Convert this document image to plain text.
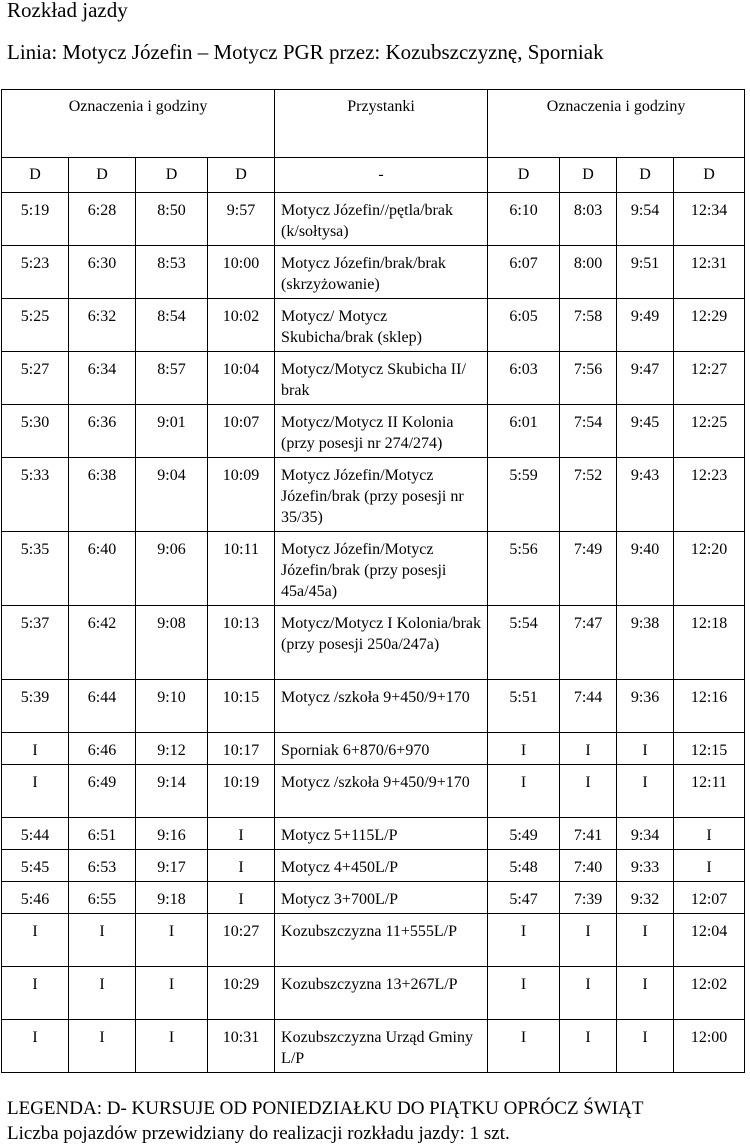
Rozkład jazdy
Linia: Motycz Józefin – Motycz PGR przez: Kozubszczyznę, Sporniak
Oznaczenia i godziny				Przystanki	Oznaczenia i godziny			
D	D	D	D	-	D	D	D	D
5:19	6:28	8:50	9:57	Motycz Józefin//pętla/brak (k/sołtysa)	6:10	8:03	9:54	12:34
5:23	6:30	8:53	10:00	Motycz Józefin/brak/brak (skrzyżowanie)	6:07	8:00	9:51	12:31
5:25	6:32	8:54	10:02	Motycz/ Motycz Skubicha/brak (sklep)	6:05	7:58	9:49	12:29
5:27	6:34	8:57	10:04	Motycz/Motycz Skubicha II/ brak	6:03	7:56	9:47	12:27
5:30	6:36	9:01	10:07	Motycz/Motycz II Kolonia (przy posesji nr 274/274)	6:01	7:54	9:45	12:25
5:33	6:38	9:04	10:09	Motycz Józefin/Motycz Józefin/brak (przy posesji nr 35/35)	5:59	7:52	9:43	12:23
5:35	6:40	9:06	10:11	Motycz Józefin/Motycz Józefin/brak (przy posesji 45a/45a)	5:56	7:49	9:40	12:20
5:37	6:42	9:08	10:13	Motycz/Motycz I Kolonia/brak (przy posesji 250a/247a)	5:54	7:47	9:38	12:18
5:39	6:44	9:10	10:15	Motycz /szkoła 9+450/9+170	5:51	7:44	9:36	12:16
I	6:46	9:12	10:17	Sporniak 6+870/6+970	I	I	I	12:15
I	6:49	9:14	10:19	Motycz /szkoła 9+450/9+170	I	I	I	12:11
5:44	6:51	9:16	I	Motycz 5+115L/P	5:49	7:41	9:34	I
5:45	6:53	9:17	I	Motycz 4+450L/P	5:48	7:40	9:33	I
5:46	6:55	9:18	I	Motycz 3+700L/P	5:47	7:39	9:32	12:07
I	I	I	10:27	Kozubszczyzna 11+555L/P	I	I	I	12:04
I	I	I	10:29	Kozubszczyzna 13+267L/P	I	I	I	12:02
I	I	I	10:31	Kozubszczyzna Urząd Gminy L/P	I	I	I	12:00
LEGENDA: D- KURSUJE OD PONIEDZIAŁKU DO PIĄTKU OPRÓCZ ŚWIĄT
Liczba pojazdów przewidziany do realizacji rozkładu jazdy: 1 szt.
